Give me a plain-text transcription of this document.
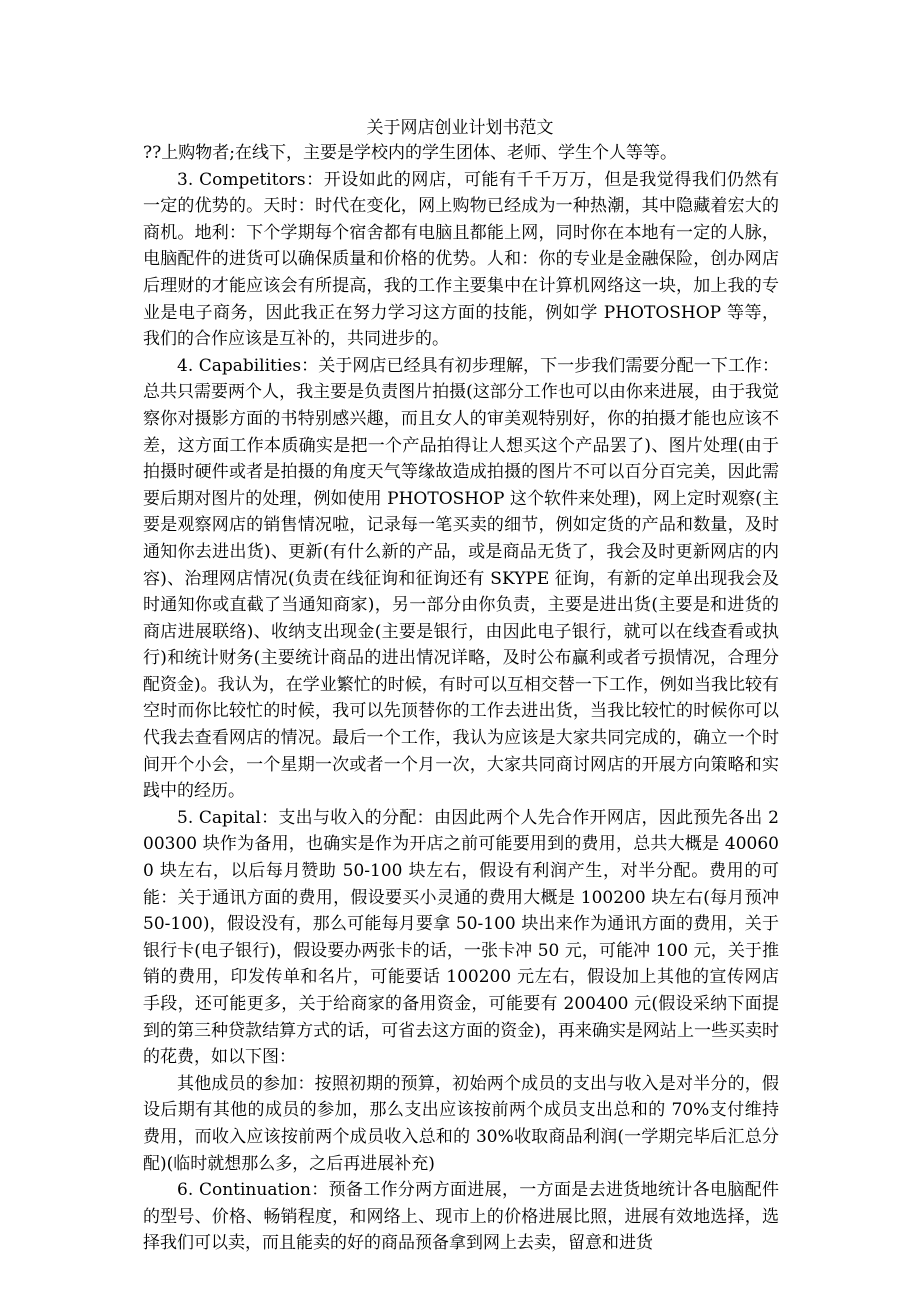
关于网店创业计划书范文

??上购物者;在线下，主要是学校内的学生团体、老师、学生个人等等。

3. Competitors：开设如此的网店，可能有千千万万，但是我觉得我们仍然有一定的优势的。天时：时代在变化，网上购物已经成为一种热潮，其中隐藏着宏大的商机。地利：下个学期每个宿舍都有电脑且都能上网，同时你在本地有一定的人脉，电脑配件的进货可以确保质量和价格的优势。人和：你的专业是金融保险，创办网店后理财的才能应该会有所提高，我的工作主要集中在计算机网络这一块，加上我的专业是电子商务，因此我正在努力学习这方面的技能，例如学 PHOTOSHOP 等等，我们的合作应该是互补的，共同进步的。

4. Capabilities：关于网店已经具有初步理解，下一步我们需要分配一下工作：总共只需要两个人，我主要是负责图片拍摄(这部分工作也可以由你来进展，由于我觉察你对摄影方面的书特别感兴趣，而且女人的审美观特别好，你的拍摄才能也应该不差，这方面工作本质确实是把一个产品拍得让人想买这个产品罢了)、图片处理(由于拍摄时硬件或者是拍摄的角度天气等缘故造成拍摄的图片不可以百分百完美，因此需要后期对图片的处理，例如使用 PHOTOSHOP 这个软件来处理)，网上定时观察(主要是观察网店的销售情况啦，记录每一笔买卖的细节，例如定货的产品和数量，及时通知你去进出货)、更新(有什么新的产品，或是商品无货了，我会及时更新网店的内容)、治理网店情况(负责在线征询和征询还有 SKYPE 征询，有新的定单出现我会及时通知你或直截了当通知商家)，另一部分由你负责，主要是进出货(主要是和进货的商店进展联络)、收纳支出现金(主要是银行，由因此电子银行，就可以在线查看或执行)和统计财务(主要统计商品的进出情况详略，及时公布赢利或者亏损情况，合理分配资金)。我认为，在学业繁忙的时候，有时可以互相交替一下工作，例如当我比较有空时而你比较忙的时候，我可以先顶替你的工作去进出货，当我比较忙的时候你可以代我去查看网店的情况。最后一个工作，我认为应该是大家共同完成的，确立一个时间开个小会，一个星期一次或者一个月一次，大家共同商讨网店的开展方向策略和实践中的经历。

5. Capital：支出与收入的分配：由因此两个人先合作开网店，因此预先各出 200300 块作为备用，也确实是作为开店之前可能要用到的费用，总共大概是 400600 块左右，以后每月赞助 50-100 块左右，假设有利润产生，对半分配。费用的可能：关于通讯方面的费用，假设要买小灵通的费用大概是 100200 块左右(每月预冲 50-100)，假设没有，那么可能每月要拿 50-100 块出来作为通讯方面的费用，关于银行卡(电子银行)，假设要办两张卡的话，一张卡冲 50 元，可能冲 100 元，关于推销的费用，印发传单和名片，可能要话 100200 元左右，假设加上其他的宣传网店手段，还可能更多，关于给商家的备用资金，可能要有 200400 元(假设采纳下面提到的第三种贷款结算方式的话，可省去这方面的资金)，再来确实是网站上一些买卖时的花费，如以下图：

其他成员的参加：按照初期的预算，初始两个成员的支出与收入是对半分的，假设后期有其他的成员的参加，那么支出应该按前两个成员支出总和的 70%支付维持费用，而收入应该按前两个成员收入总和的 30%收取商品利润(一学期完毕后汇总分配)(临时就想那么多，之后再进展补充)

6. Continuation：预备工作分两方面进展，一方面是去进货地统计各电脑配件的型号、价格、畅销程度，和网络上、现市上的价格进展比照，进展有效地选择，选择我们可以卖，而且能卖的好的商品预备拿到网上去卖，留意和进货
